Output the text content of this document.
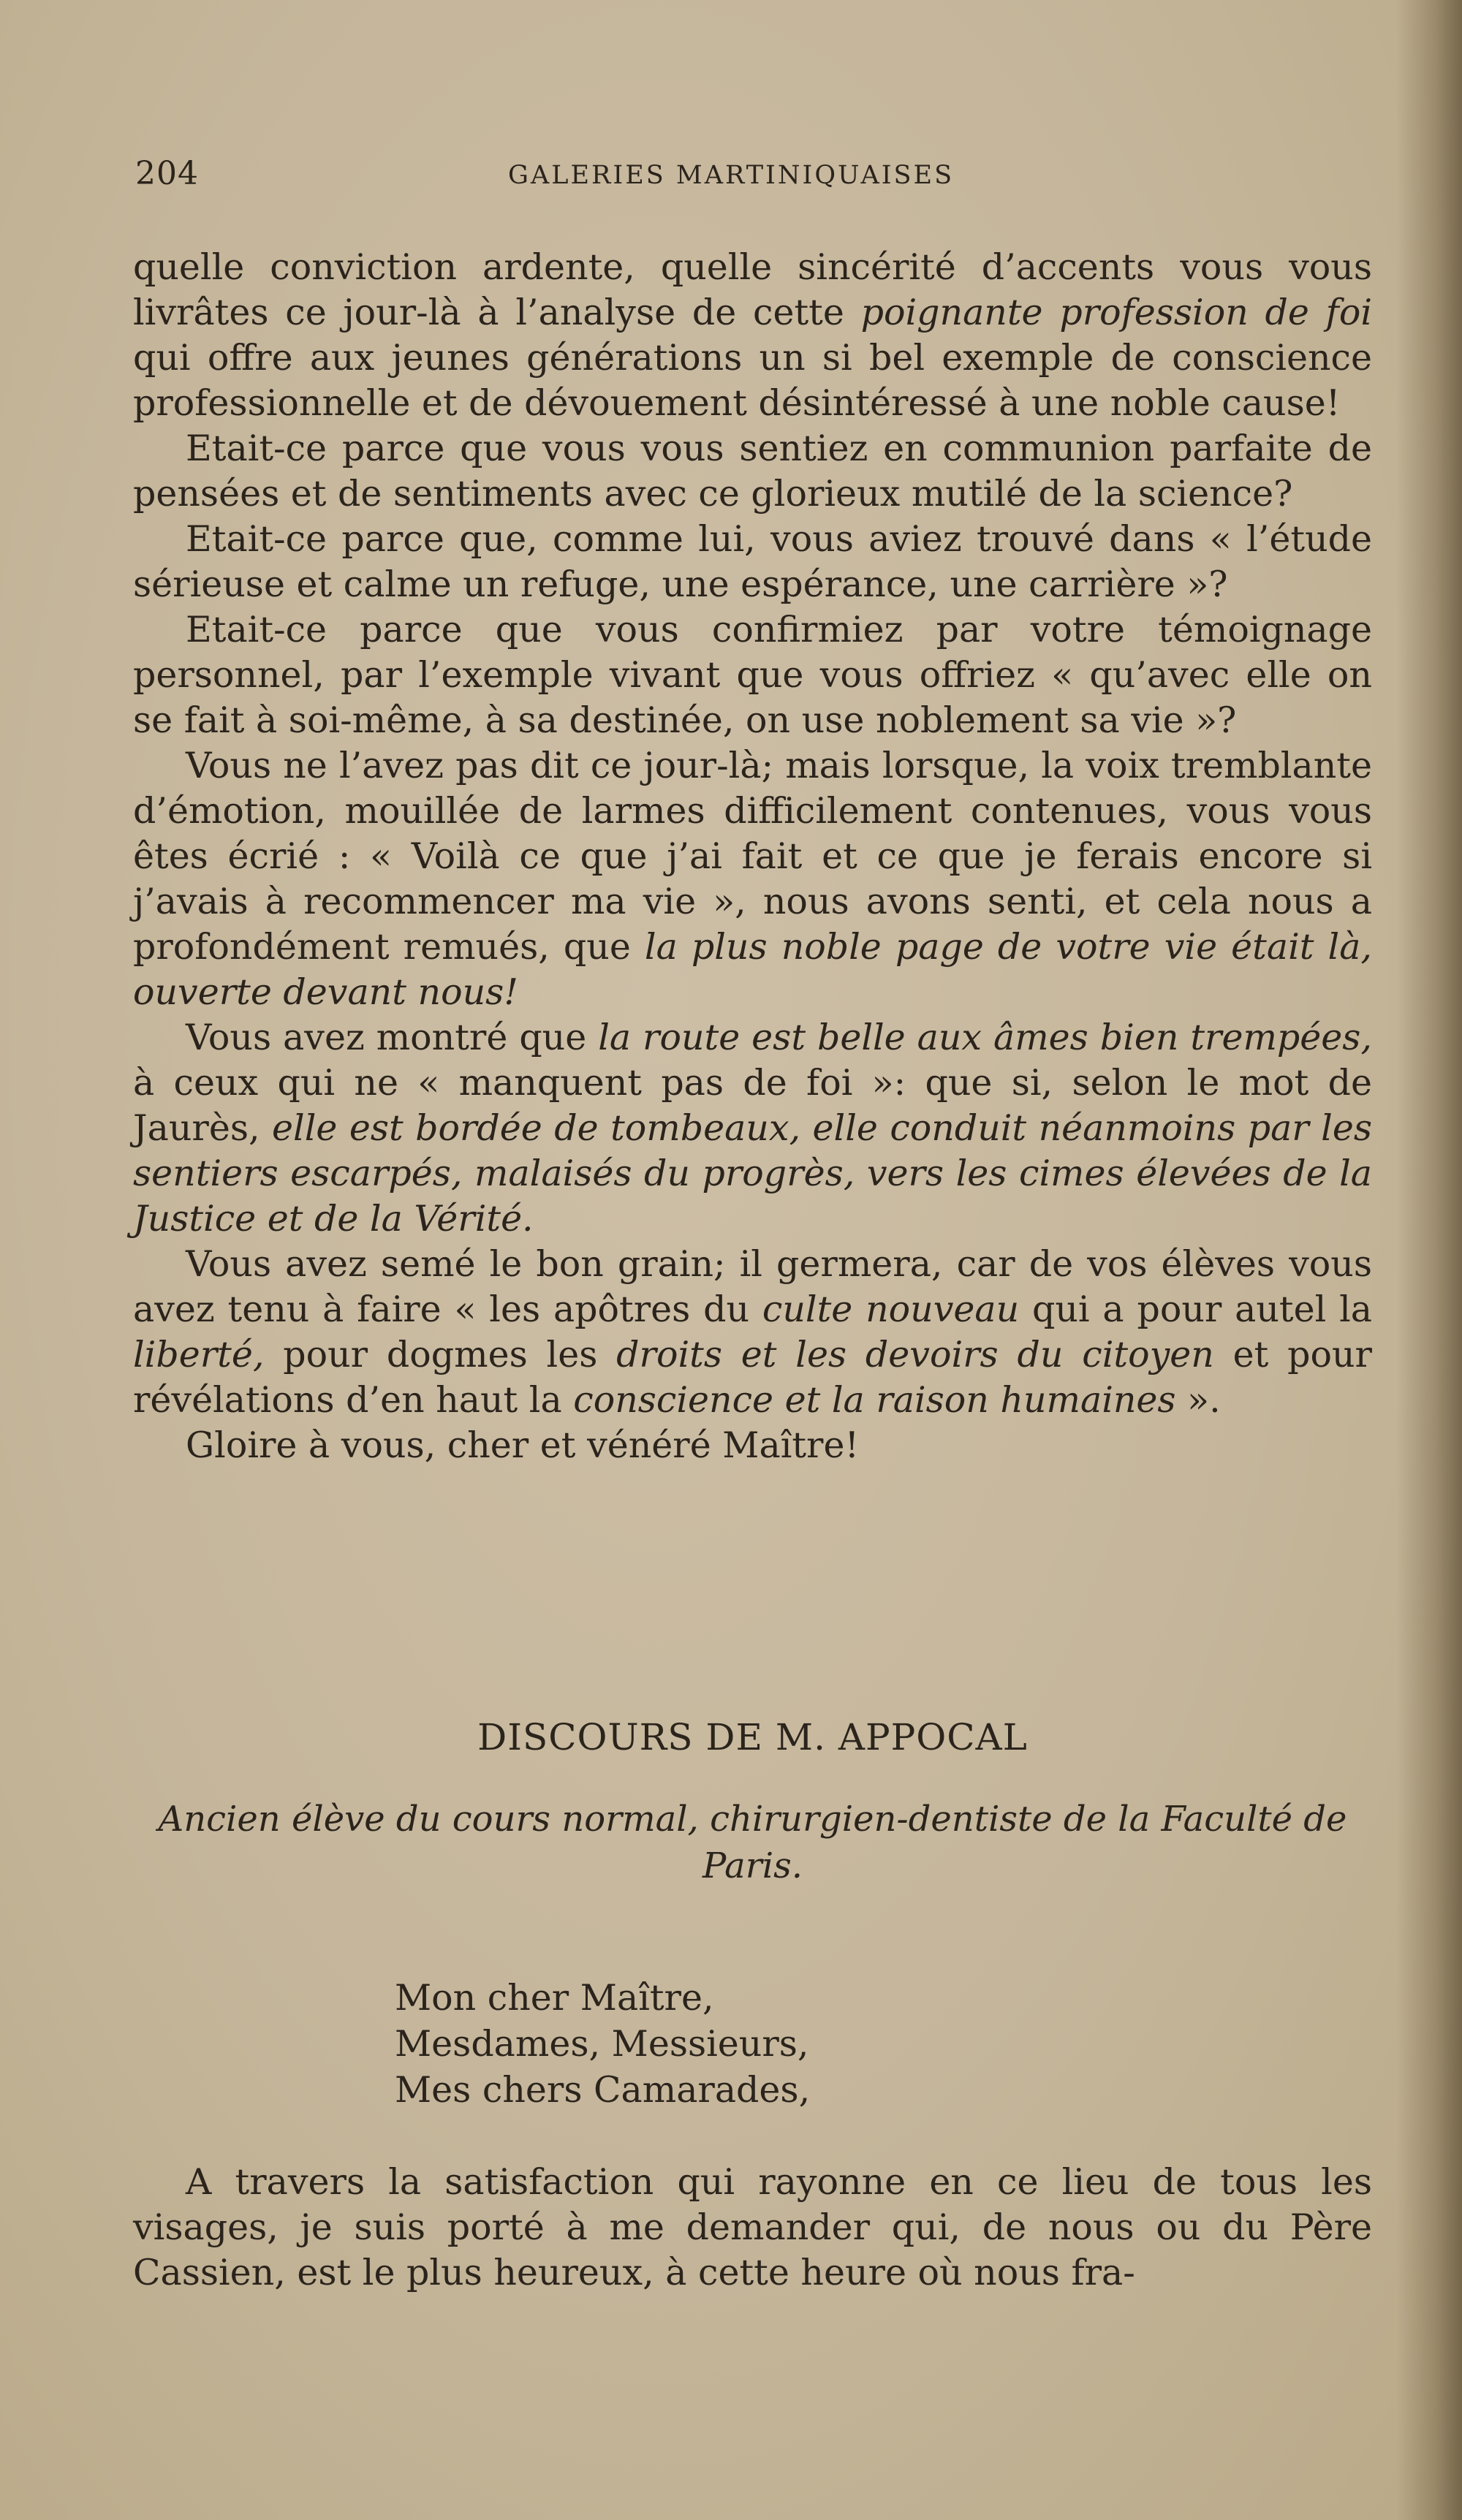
204	GALERIES MARTINIQUAISES

quelle conviction ardente, quelle sincérité d’accents vous vous livrâtes ce jour-là à l’analyse de cette poignante profession de foi qui offre aux jeunes générations un si bel exemple de conscience professionnelle et de dévouement désintéressé à une noble cause!

Etait-ce parce que vous vous sentiez en communion parfaite de pensées et de sentiments avec ce glorieux mutilé de la science?

Etait-ce parce que, comme lui, vous aviez trouvé dans « l’étude sérieuse et calme un refuge, une espérance, une carrière »?

Etait-ce parce que vous confirmiez par votre témoignage personnel, par l’exemple vivant que vous offriez « qu’avec elle on se fait à soi-même, à sa destinée, on use noblement sa vie »?

Vous ne l’avez pas dit ce jour-là; mais lorsque, la voix tremblante d’émotion, mouillée de larmes difficilement contenues, vous vous êtes écrié : « Voilà ce que j’ai fait et ce que je ferais encore si j’avais à recommencer ma vie », nous avons senti, et cela nous a profondément remués, que la plus noble page de votre vie était là, ouverte devant nous!

Vous avez montré que la route est belle aux âmes bien trempées, à ceux qui ne « manquent pas de foi »: que si, selon le mot de Jaurès, elle est bordée de tombeaux, elle conduit néanmoins par les sentiers escarpés, malaisés du progrès, vers les cimes élevées de la Justice et de la Vérité.

Vous avez semé le bon grain; il germera, car de vos élèves vous avez tenu à faire « les apôtres du culte nouveau qui a pour autel la liberté, pour dogmes les droits et les devoirs du citoyen et pour révélations d’en haut la conscience et la raison humaines ».

Gloire à vous, cher et vénéré Maître!

DISCOURS DE M. APPOCAL
Ancien élève du cours normal, chirurgien-dentiste de la Faculté de Paris.
Mon cher Maître,
Mesdames, Messieurs,
Mes chers Camarades,

A travers la satisfaction qui rayonne en ce lieu de tous les visages, je suis porté à me demander qui, de nous ou du Père Cassien, est le plus heureux, à cette heure où nous fra-
